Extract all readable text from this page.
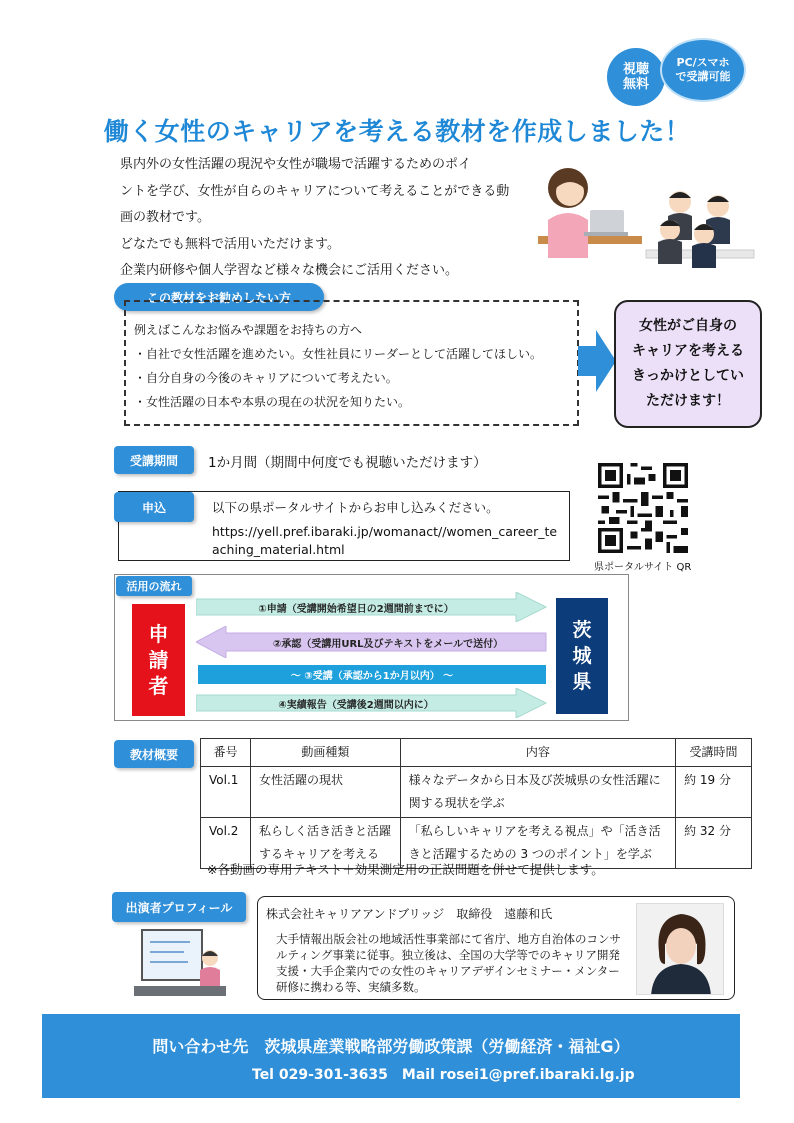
視聴
無料
PC/スマホ
で受講可能
働く女性のキャリアを考える教材を作成しました！
県内外の女性活躍の現況や女性が職場で活躍するためのポイ
ントを学び、女性が自らのキャリアについて考えることができる動
画の教材です。
どなたでも無料で活用いただけます。
企業内研修や個人学習など様々な機会にご活用ください。
この教材をお勧めしたい方
例えばこんなお悩みや課題をお持ちの方へ
・自社で女性活躍を進めたい。女性社員にリーダーとして活躍してほしい。
・自分自身の今後のキャリアについて考えたい。
・女性活躍の日本や本県の現在の状況を知りたい。
女性がご自身の
キャリアを考える
きっかけとしてい
ただけます！
受講期間	1か月間（期間中何度でも視聴いただけます）
申込	以下の県ポータルサイトからお申し込みください。
https://yell.pref.ibaraki.jp/womanact//women_career_teaching_material.html
県ポータルサイト QR
活用の流れ
申
請
者
茨
城
県
①申請（受講開始希望日の2週間前までに）
②承認（受講用URL及びテキストをメールで送付）
～ ③受講（承認から1か月以内） ～
④実績報告（受講後2週間以内に）
教材概要	番号	動画種類	内容	受講時間
Vol.1	女性活躍の現状	様々なデータから日本及び茨城県の女性活躍に関する現状を学ぶ	約 19 分
Vol.2	私らしく活き活きと活躍するキャリアを考える	「私らしいキャリアを考える視点」や「活き活きと活躍するための 3 つのポイント」を学ぶ	約 32 分
※各動画の専用テキスト＋効果測定用の正誤問題を併せて提供します。
出演者プロフィール	株式会社キャリアアンドブリッジ　取締役　遠藤和氏
大手情報出版会社の地域活性事業部にて省庁、地方自治体のコンサルティング事業に従事。独立後は、全国の大学等でのキャリア開発支援・大手企業内での女性のキャリアデザインセミナー・メンター研修に携わる等、実績多数。
問い合わせ先　茨城県産業戦略部労働政策課（労働経済・福祉G）
Tel 029-301-3635　Mail rosei1@pref.ibaraki.lg.jp
